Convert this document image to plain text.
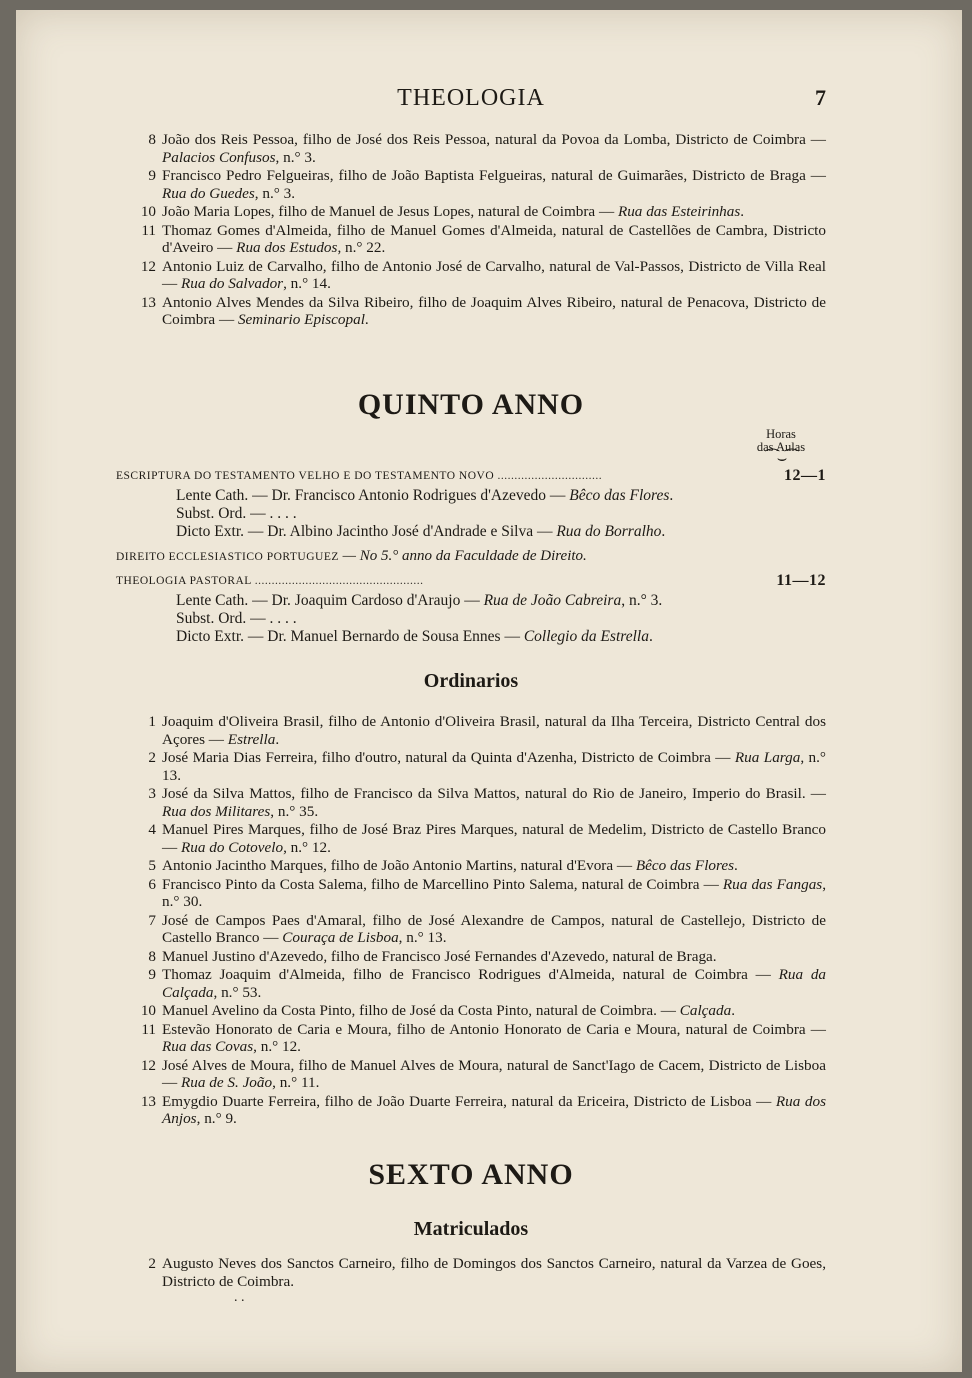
THEOLOGIA	7
8 João dos Reis Pessoa, filho de José dos Reis Pessoa, natural da Povoa da Lomba, Districto de Coimbra — Palacios Confusos, n.° 3.
9 Francisco Pedro Felgueiras, filho de João Baptista Felgueiras, natural de Guimarães, Districto de Braga — Rua do Guedes, n.° 3.
10 João Maria Lopes, filho de Manuel de Jesus Lopes, natural de Coimbra — Rua das Esteirinhas.
11 Thomaz Gomes d'Almeida, filho de Manuel Gomes d'Almeida, natural de Castellões de Cambra, Districto d'Aveiro — Rua dos Estudos, n.° 22.
12 Antonio Luiz de Carvalho, filho de Antonio José de Carvalho, natural de Val-Passos, Districto de Villa Real — Rua do Salvador, n.° 14.
13 Antonio Alves Mendes da Silva Ribeiro, filho de Joaquim Alves Ribeiro, natural de Penacova, Districto de Coimbra — Seminario Episcopal.
QUINTO ANNO
Horas
das Aulas
⁀⌣⁀
ESCRIPTURA DO TESTAMENTO VELHO E DO TESTAMENTO NOVO ...............................	12—1
Lente Cath. — Dr. Francisco Antonio Rodrigues d'Azevedo — Bêco das Flores.
Subst. Ord. — . . . .
Dicto Extr. — Dr. Albino Jacintho José d'Andrade e Silva — Rua do Borralho.
DIREITO ECCLESIASTICO PORTUGUEZ — No 5.° anno da Faculdade de Direito.
THEOLOGIA PASTORAL ..................................................	11—12
Lente Cath. — Dr. Joaquim Cardoso d'Araujo — Rua de João Cabreira, n.° 3.
Subst. Ord. — . . . .
Dicto Extr. — Dr. Manuel Bernardo de Sousa Ennes — Collegio da Estrella.
Ordinarios
1 Joaquim d'Oliveira Brasil, filho de Antonio d'Oliveira Brasil, natural da Ilha Terceira, Districto Central dos Açores — Estrella.
2 José Maria Dias Ferreira, filho d'outro, natural da Quinta d'Azenha, Districto de Coimbra — Rua Larga, n.° 13.
3 José da Silva Mattos, filho de Francisco da Silva Mattos, natural do Rio de Janeiro, Imperio do Brasil. — Rua dos Militares, n.° 35.
4 Manuel Pires Marques, filho de José Braz Pires Marques, natural de Medelim, Districto de Castello Branco — Rua do Cotovelo, n.° 12.
5 Antonio Jacintho Marques, filho de João Antonio Martins, natural d'Evora — Bêco das Flores.
6 Francisco Pinto da Costa Salema, filho de Marcellino Pinto Salema, natural de Coimbra — Rua das Fangas, n.° 30.
7 José de Campos Paes d'Amaral, filho de José Alexandre de Campos, natural de Castellejo, Districto de Castello Branco — Couraça de Lisboa, n.° 13.
8 Manuel Justino d'Azevedo, filho de Francisco José Fernandes d'Azevedo, natural de Braga.
9 Thomaz Joaquim d'Almeida, filho de Francisco Rodrigues d'Almeida, natural de Coimbra — Rua da Calçada, n.° 53.
10 Manuel Avelino da Costa Pinto, filho de José da Costa Pinto, natural de Coimbra. — Calçada.
11 Estevão Honorato de Caria e Moura, filho de Antonio Honorato de Caria e Moura, natural de Coimbra — Rua das Covas, n.° 12.
12 José Alves de Moura, filho de Manuel Alves de Moura, natural de Sanct'Iago de Cacem, Districto de Lisboa — Rua de S. João, n.° 11.
13 Emygdio Duarte Ferreira, filho de João Duarte Ferreira, natural da Ericeira, Districto de Lisboa — Rua dos Anjos, n.° 9.
SEXTO ANNO
Matriculados
2 Augusto Neves dos Sanctos Carneiro, filho de Domingos dos Sanctos Carneiro, natural da Varzea de Goes, Districto de Coimbra.
. .
